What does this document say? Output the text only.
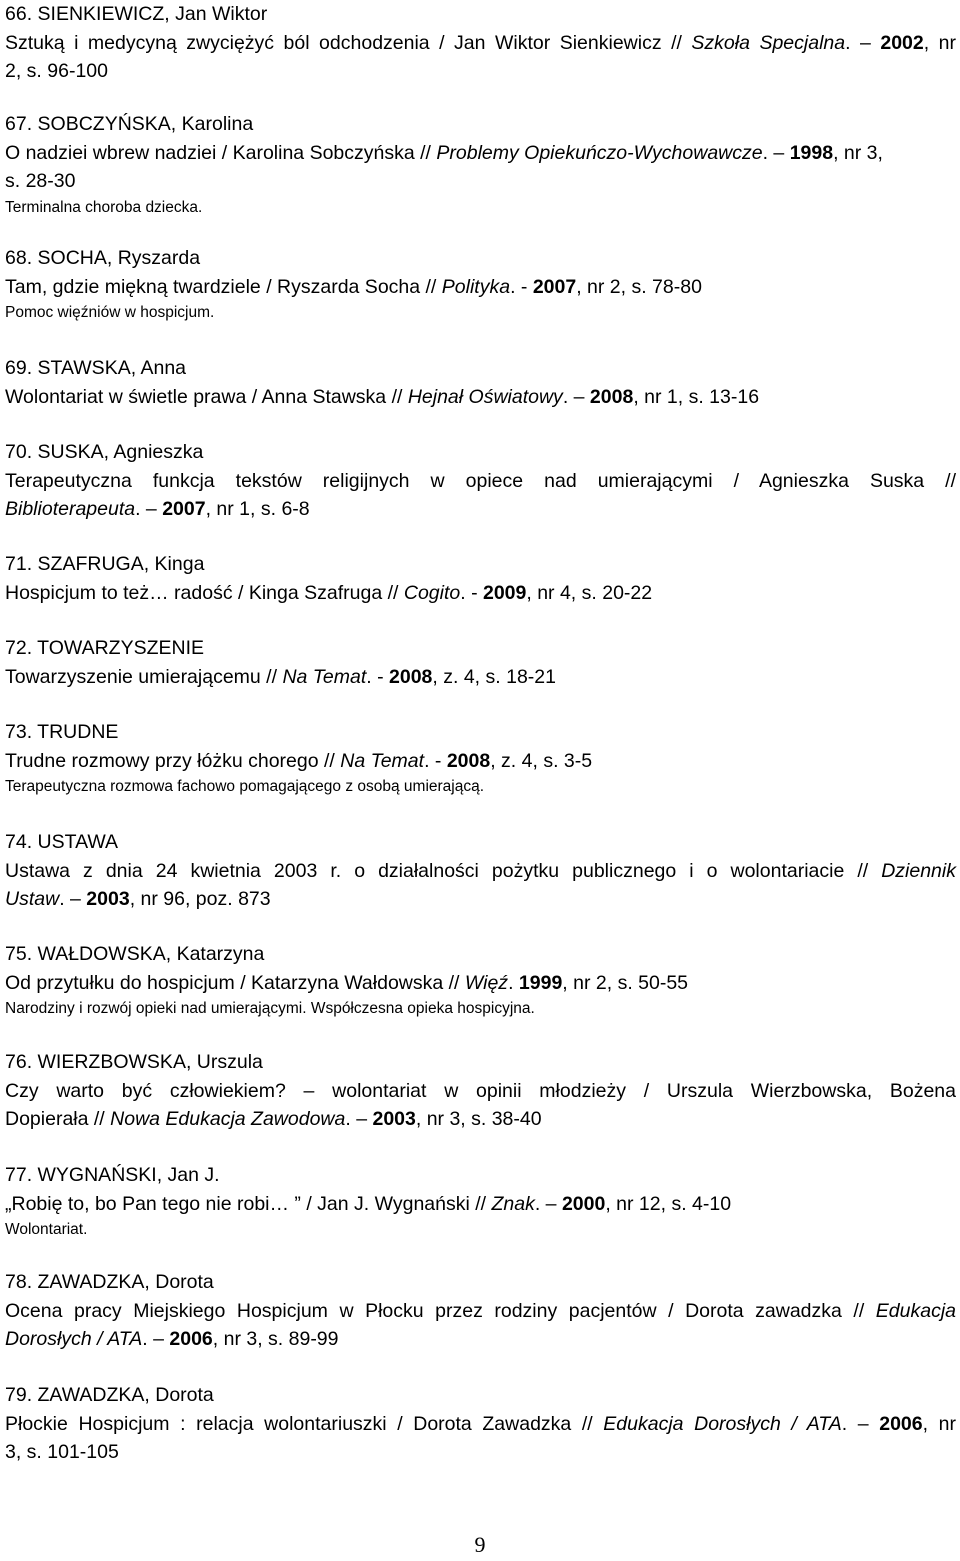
66. SIENKIEWICZ, Jan Wiktor
Sztuką i medycyną zwyciężyć ból odchodzenia / Jan Wiktor Sienkiewicz // Szkoła Specjalna. – 2002, nr
2, s. 96-100
67. SOBCZYŃSKA, Karolina
O nadziei wbrew nadziei / Karolina Sobczyńska // Problemy Opiekuńczo-Wychowawcze. – 1998, nr 3,
s. 28-30
Terminalna choroba dziecka.
68. SOCHA, Ryszarda
Tam, gdzie miękną twardziele / Ryszarda Socha // Polityka. - 2007, nr 2, s. 78-80
Pomoc więźniów w hospicjum.
69. STAWSKA, Anna
Wolontariat w świetle prawa / Anna Stawska // Hejnał Oświatowy. – 2008, nr 1, s. 13-16
70. SUSKA, Agnieszka
Terapeutyczna funkcja tekstów religijnych w opiece nad umierającymi / Agnieszka Suska //
Biblioterapeuta. – 2007, nr 1, s. 6-8
71. SZAFRUGA, Kinga
Hospicjum to też… radość / Kinga Szafruga // Cogito. - 2009, nr 4, s. 20-22
72. TOWARZYSZENIE
Towarzyszenie umierającemu // Na Temat. - 2008, z. 4, s. 18-21
73. TRUDNE
Trudne rozmowy przy łóżku chorego // Na Temat. - 2008, z. 4, s. 3-5
Terapeutyczna rozmowa fachowo pomagającego z osobą umierającą.
74. USTAWA
Ustawa z dnia 24 kwietnia 2003 r. o działalności pożytku publicznego i o wolontariacie // Dziennik
Ustaw. – 2003, nr 96, poz. 873
75. WAŁDOWSKA, Katarzyna
Od przytułku do hospicjum / Katarzyna Wałdowska // Więź. 1999, nr 2, s. 50-55
Narodziny i rozwój opieki nad umierającymi. Współczesna opieka hospicyjna.
76. WIERZBOWSKA, Urszula
Czy warto być człowiekiem? – wolontariat w opinii młodzieży / Urszula Wierzbowska, Bożena
Dopierała // Nowa Edukacja Zawodowa. – 2003, nr 3, s. 38-40
77. WYGNAŃSKI, Jan J.
„Robię to, bo Pan tego nie robi… ” / Jan J. Wygnański // Znak. – 2000, nr 12, s. 4-10
Wolontariat.
78. ZAWADZKA, Dorota
Ocena pracy Miejskiego Hospicjum w Płocku przez rodziny pacjentów / Dorota zawadzka // Edukacja
Dorosłych / ATA. – 2006, nr 3, s. 89-99
79. ZAWADZKA, Dorota
Płockie Hospicjum : relacja wolontariuszki / Dorota Zawadzka // Edukacja Dorosłych / ATA. – 2006, nr
3, s. 101-105
9
